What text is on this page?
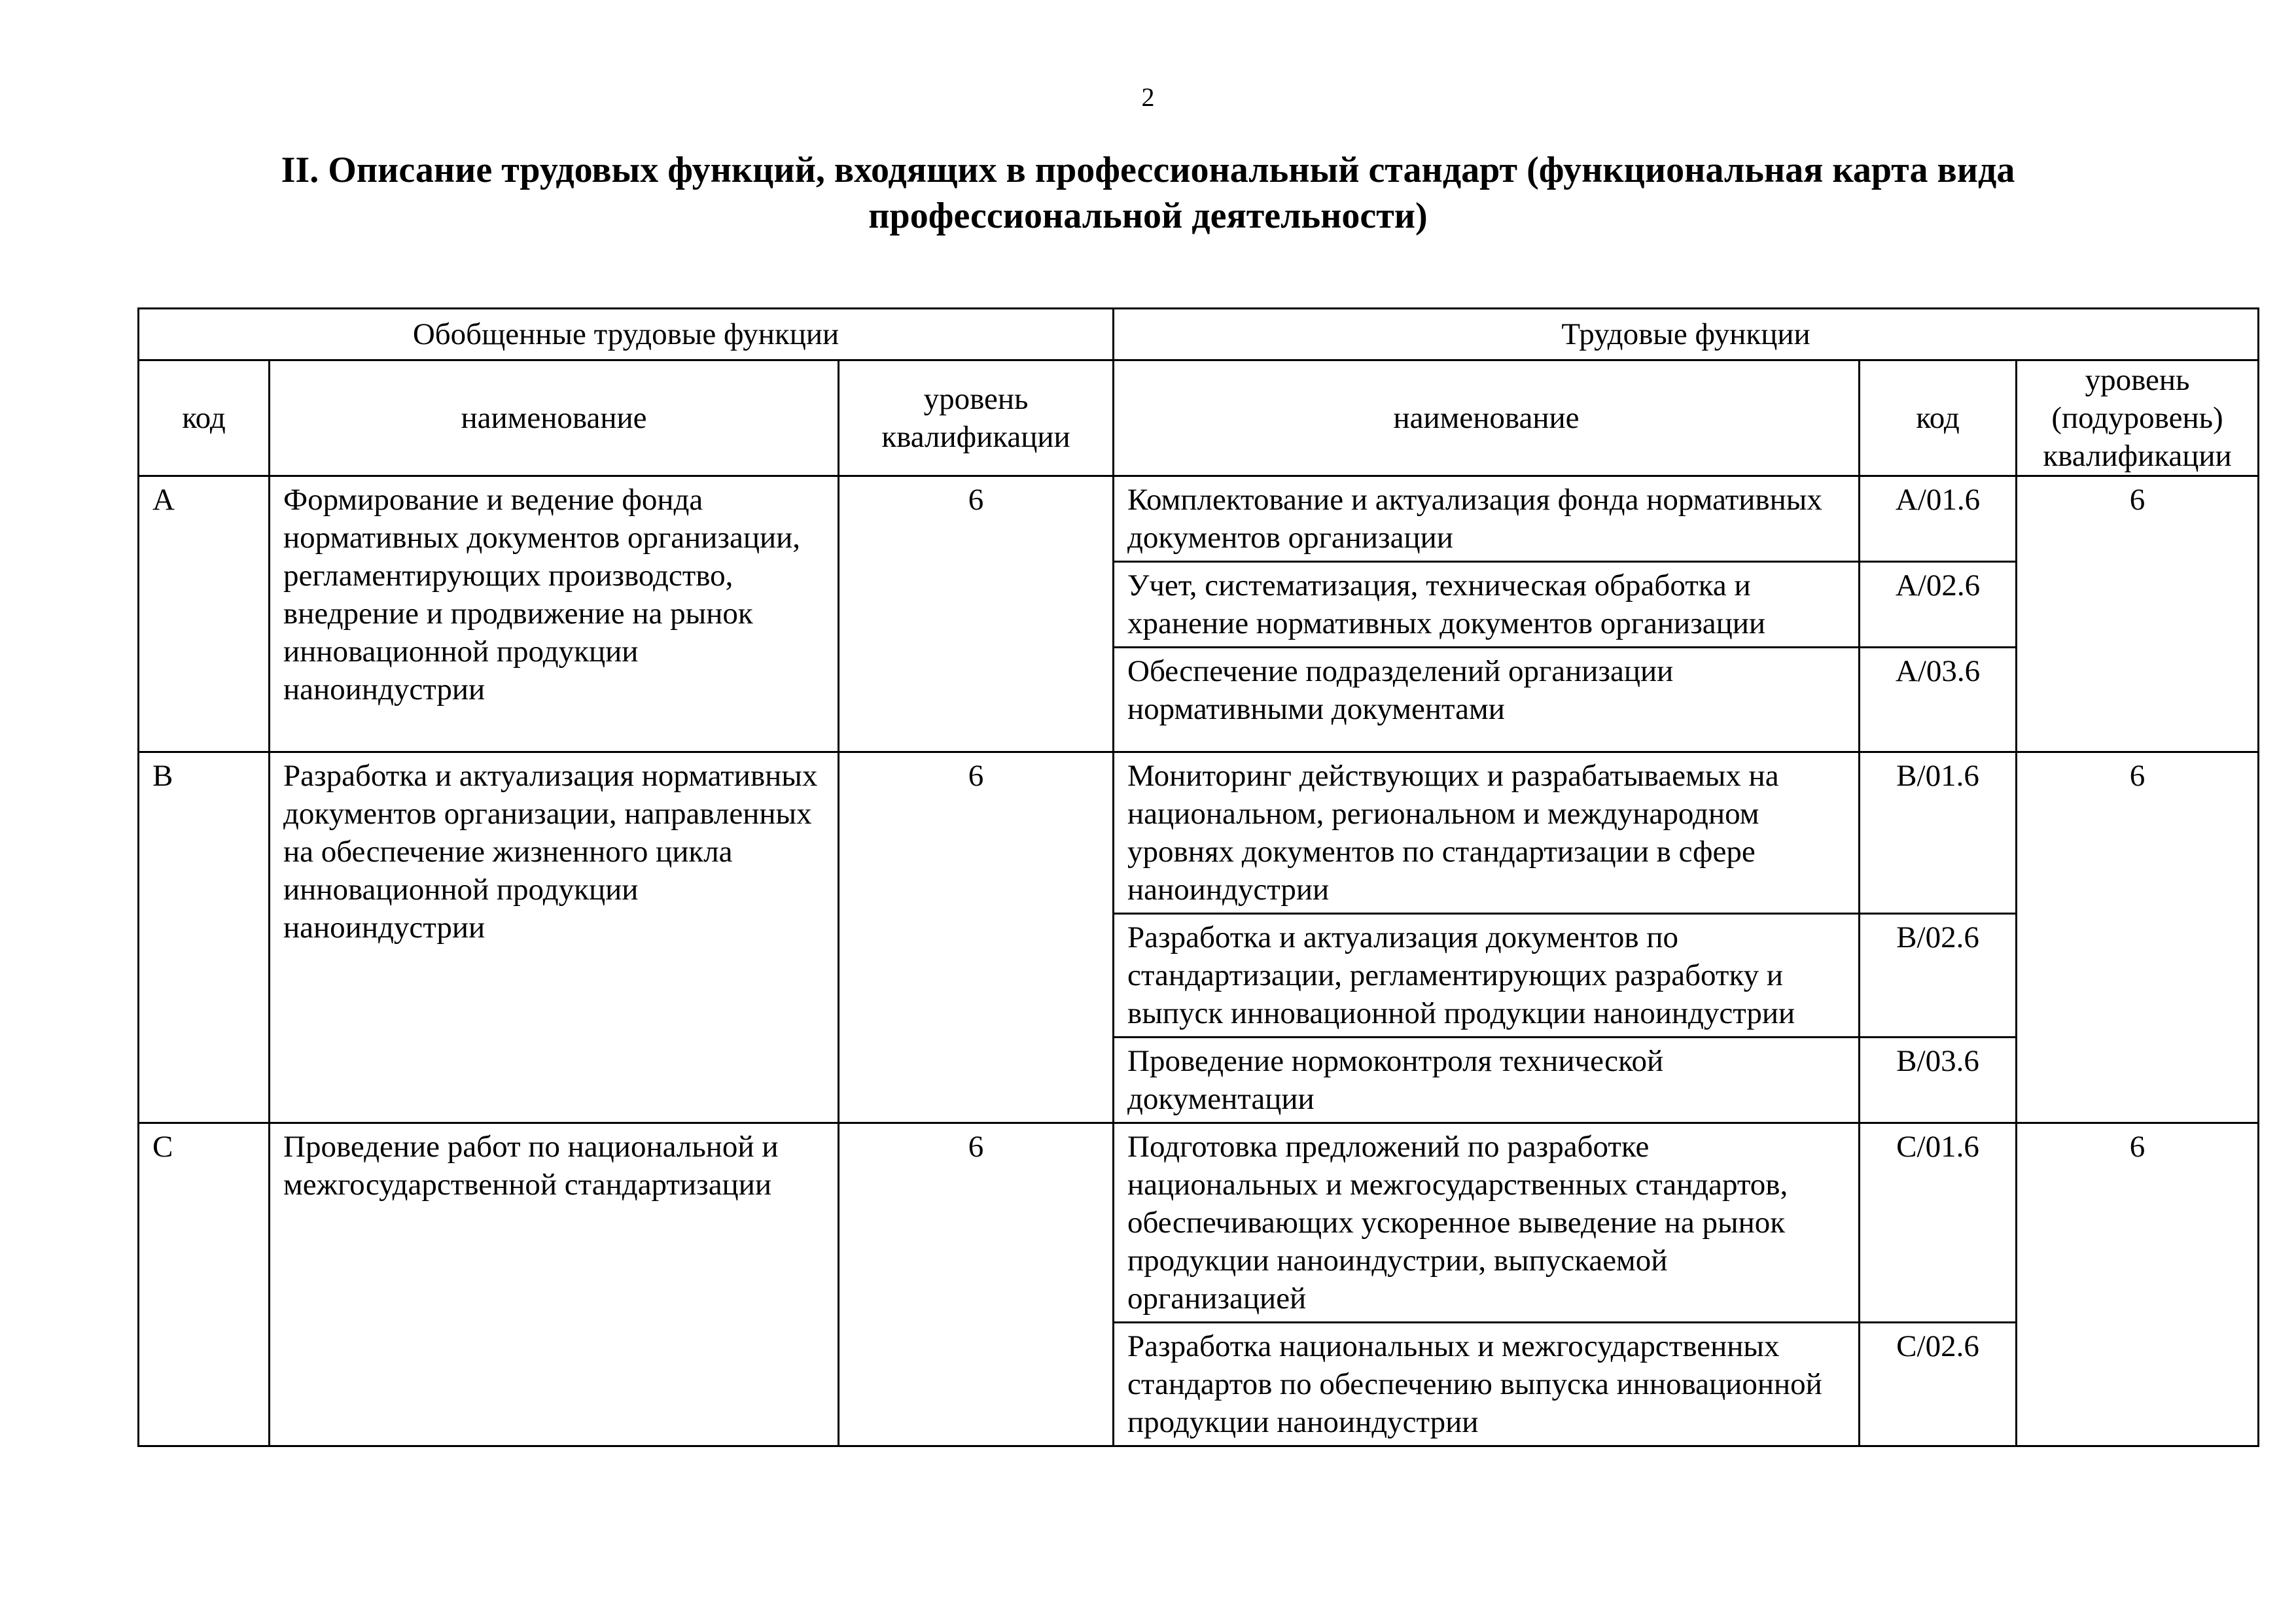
2
II. Описание трудовых функций, входящих в профессиональный стандарт (функциональная карта вида
профессиональной деятельности)
Обобщенные трудовые функции			Трудовые функции		
код	наименование	уровень квалификации	наименование	код	уровень (подуровень) квалификации
A	Формирование и ведение фонда нормативных документов организации, регламентирующих производство, внедрение и продвижение на рынок инновационной продукции наноиндустрии	6	Комплектование и актуализация фонда нормативных документов организации	A/01.6	6
			Учет, систематизация, техническая обработка и хранение нормативных документов организации	A/02.6	
			Обеспечение подразделений организации нормативными документами	A/03.6	
B	Разработка и актуализация нормативных документов организации, направленных на обеспечение жизненного цикла инновационной продукции наноиндустрии	6	Мониторинг действующих и разрабатываемых на национальном, региональном и международном уровнях документов по стандартизации в сфере наноиндустрии	B/01.6	6
			Разработка и актуализация документов по стандартизации, регламентирующих разработку и выпуск инновационной продукции наноиндустрии	B/02.6	
			Проведение нормоконтроля технической документации	B/03.6	
C	Проведение работ по национальной и межгосударственной стандартизации	6	Подготовка предложений по разработке национальных и межгосударственных стандартов, обеспечивающих ускоренное выведение на рынок продукции наноиндустрии, выпускаемой организацией	C/01.6	6
			Разработка национальных и межгосударственных стандартов по обеспечению выпуска инновационной продукции наноиндустрии	C/02.6	
